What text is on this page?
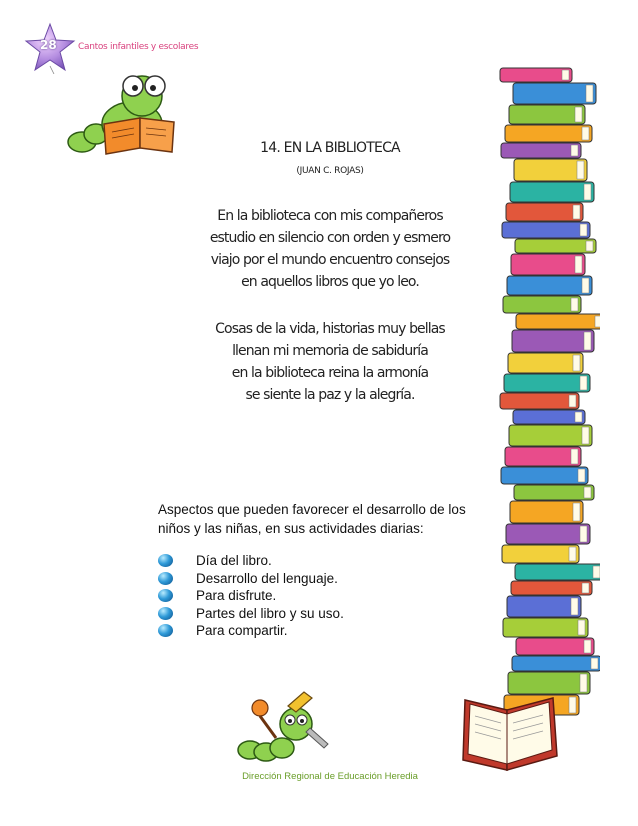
28 Cantos infantiles y escolares
14. EN LA BIBLIOTECA
(JUAN C. ROJAS)
En la biblioteca con mis compañeros
estudio en silencio con orden y esmero
viajo por el mundo encuentro consejos
en aquellos libros que yo leo.
Cosas de la vida, historias muy bellas
llenan mi memoria de sabiduría
en la biblioteca reina la armonía
se siente la paz y la alegría.
Aspectos que pueden favorecer el desarrollo de los
niños y las niñas, en sus actividades diarias:
Día del libro.
Desarrollo del lenguaje.
Para disfrute.
Partes del libro y su uso.
Para compartir.
Dirección Regional de Educación Heredia
